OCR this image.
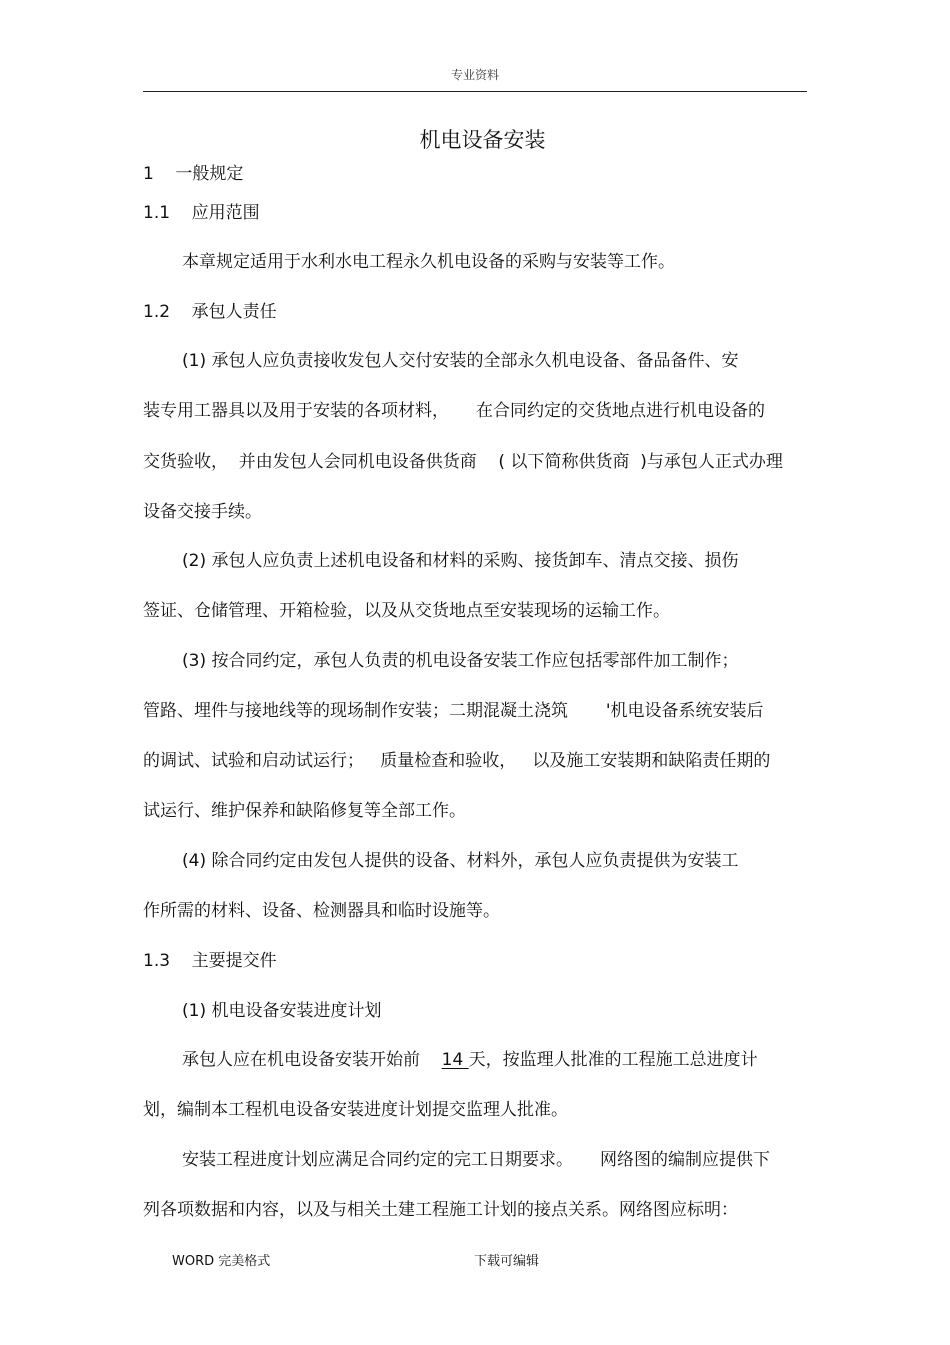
专业资料
机电设备安装
1    一般规定
1.1    应用范围
本章规定适用于水利水电工程永久机电设备的采购与安装等工作。
1.2    承包人责任
(1) 承包人应负责接收发包人交付安装的全部永久机电设备、备品备件、安
装专用工器具以及用于安装的各项材料，     在合同约定的交货地点进行机电设备的
交货验收，  并由发包人会同机电设备供货商    ( 以下简称供货商  )与承包人正式办理
设备交接手续。
(2) 承包人应负责上述机电设备和材料的采购、接货卸车、清点交接、损伤
签证、仓储管理、开箱检验，以及从交货地点至安装现场的运输工作。
(3) 按合同约定，承包人负责的机电设备安装工作应包括零部件加工制作；
管路、埋件与接地线等的现场制作安装；二期混凝土浇筑       '机电设备系统安装后
的调试、试验和启动试运行；   质量检查和验收，   以及施工安装期和缺陷责任期的
试运行、维护保养和缺陷修复等全部工作。
(4) 除合同约定由发包人提供的设备、材料外，承包人应负责提供为安装工
作所需的材料、设备、检测器具和临时设施等。
1.3    主要提交件
(1) 机电设备安装进度计划
承包人应在机电设备安装开始前    14 天，按监理人批准的工程施工总进度计
划，编制本工程机电设备安装进度计划提交监理人批准。
安装工程进度计划应满足合同约定的完工日期要求。     网络图的编制应提供下
列各项数据和内容，以及与相关土建工程施工计划的接点关系。网络图应标明：
WORD 完美格式	下载可编辑
